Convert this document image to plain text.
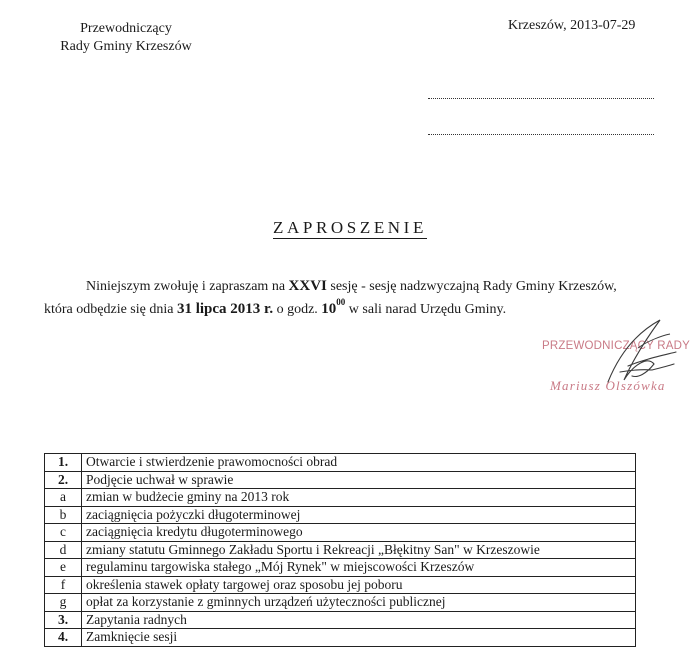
Przewodniczący
Rady Gminy Krzeszów
Krzeszów, 2013-07-29
ZAPROSZENIE
Niniejszym zwołuję i zapraszam na XXVI sesję - sesję nadzwyczajną Rady Gminy Krzeszów, która odbędzie się dnia 31 lipca 2013 r. o godz. $10^{00}$ w sali narad Urzędu Gminy.
PRZEWODNICZĄCY RADY
Mariusz Olszówka
1.	Otwarcie i stwierdzenie prawomocności obrad
2.	Podjęcie uchwał w sprawie
a	zmian w budżecie gminy na 2013 rok
b	zaciągnięcia pożyczki długoterminowej
c	zaciągnięcia kredytu długoterminowego
d	zmiany statutu Gminnego Zakładu Sportu i Rekreacji „Błękitny San" w Krzeszowie
e	regulaminu targowiska stałego „Mój Rynek" w miejscowości Krzeszów
f	określenia stawek opłaty targowej oraz sposobu jej poboru
g	opłat za korzystanie z gminnych urządzeń użyteczności publicznej
3.	Zapytania radnych
4.	Zamknięcie sesji
